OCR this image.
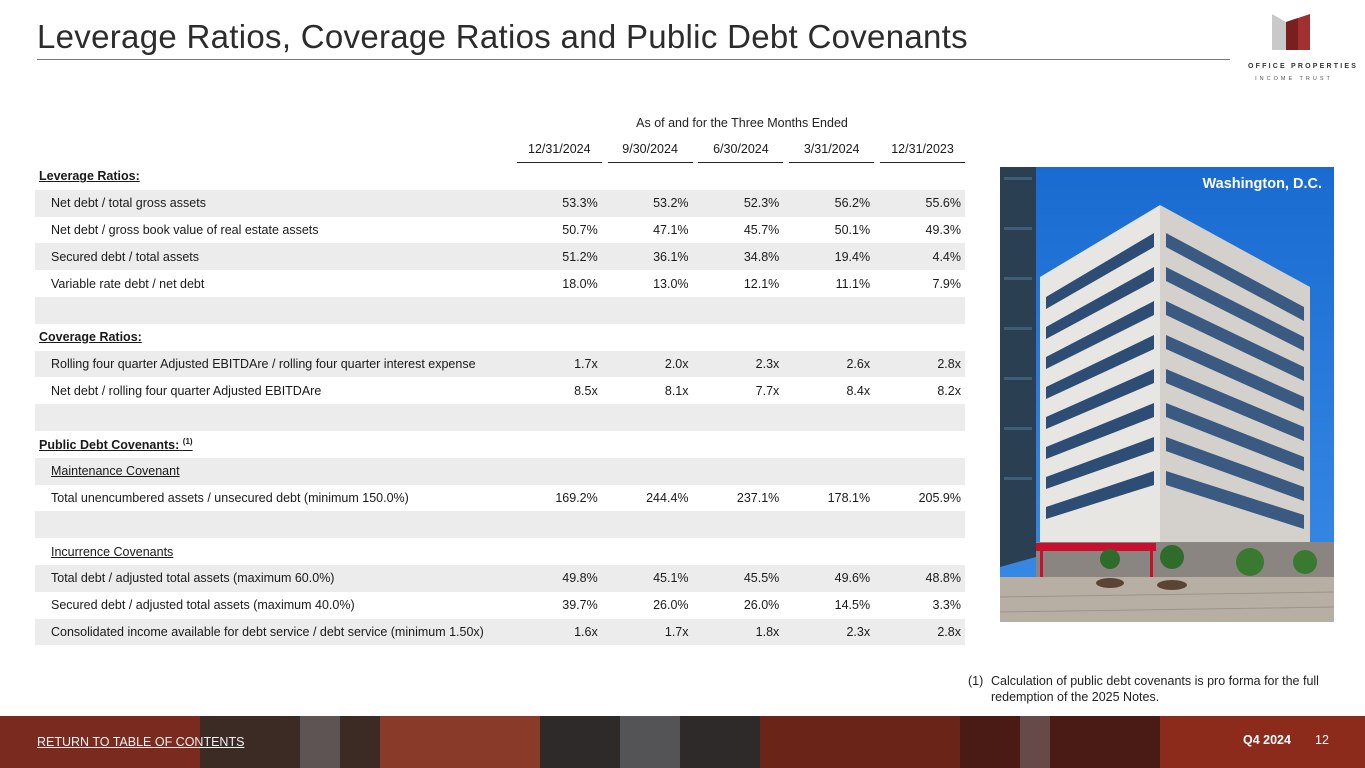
Leverage Ratios, Coverage Ratios and Public Debt Covenants
OFFICE PROPERTIES
INCOME TRUST
As of and for the Three Months Ended
	12/31/2024		9/30/2024		6/30/2024		3/31/2024		12/31/2023
Leverage Ratios:									
Net debt / total gross assets	53.3%		53.2%		52.3%		56.2%		55.6%
Net debt / gross book value of real estate assets	50.7%		47.1%		45.7%		50.1%		49.3%
Secured debt / total assets	51.2%		36.1%		34.8%		19.4%		4.4%
Variable rate debt / net debt	18.0%		13.0%		12.1%		11.1%		7.9%

Coverage Ratios:									
Rolling four quarter Adjusted EBITDAre / rolling four quarter interest expense	1.7x		2.0x		2.3x		2.6x		2.8x
Net debt / rolling four quarter Adjusted EBITDAre	8.5x		8.1x		7.7x		8.4x		8.2x

Public Debt Covenants: $^{(1)}$
Maintenance Covenant									
Total unencumbered assets / unsecured debt (minimum 150.0%)	169.2%		244.4%		237.1%		178.1%		205.9%

Incurrence Covenants									
Total debt / adjusted total assets (maximum 60.0%)	49.8%		45.1%		45.5%		49.6%		48.8%
Secured debt / adjusted total assets (maximum 40.0%)	39.7%		26.0%		26.0%		14.5%		3.3%
Consolidated income available for debt service / debt service (minimum 1.50x)	1.6x		1.7x		1.8x		2.3x		2.8x
Washington, D.C.
(1) Calculation of public debt covenants is pro forma for the full redemption of the 2025 Notes.
RETURN TO TABLE OF CONTENTS	Q4 2024 12
